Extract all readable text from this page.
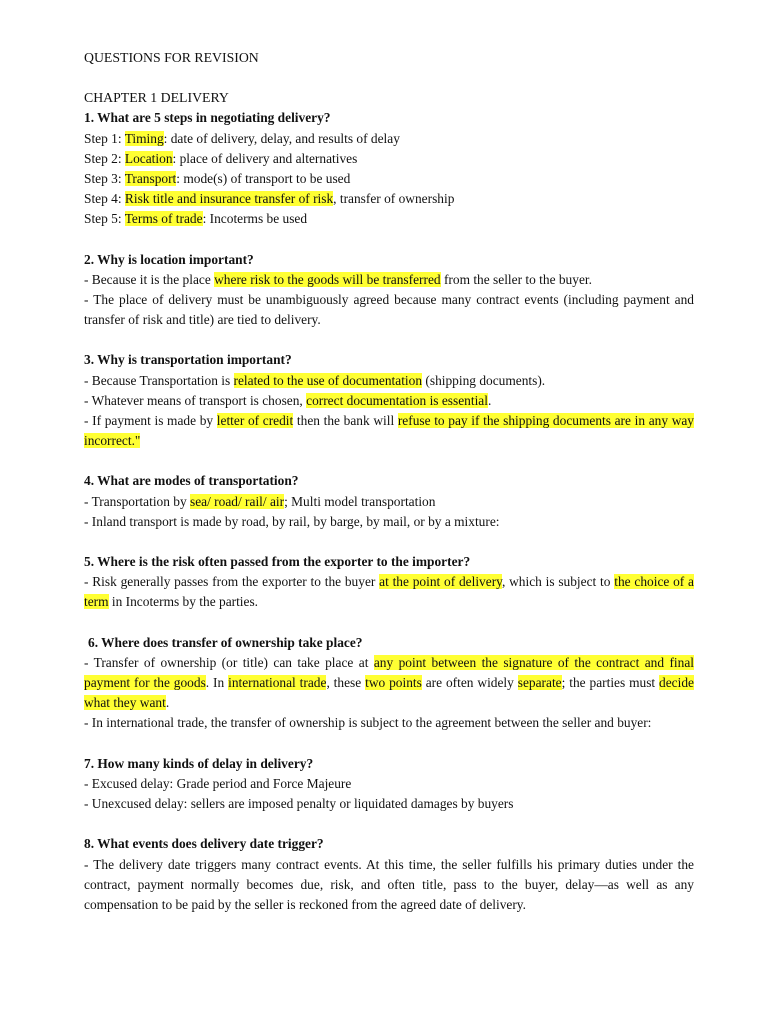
QUESTIONS FOR REVISION
CHAPTER 1 DELIVERY
1. What are 5 steps in negotiating delivery?
Step 1: Timing: date of delivery, delay, and results of delay
Step 2: Location: place of delivery and alternatives
Step 3: Transport: mode(s) of transport to be used
Step 4: Risk title and insurance transfer of risk, transfer of ownership
Step 5: Terms of trade: Incoterms be used
2. Why is location important?
- Because it is the place where risk to the goods will be transferred from the seller to the buyer.
- The place of delivery must be unambiguously agreed because many contract events (including payment and transfer of risk and title) are tied to delivery.
3. Why is transportation important?
- Because Transportation is related to the use of documentation (shipping documents).
- Whatever means of transport is chosen, correct documentation is essential.
- If payment is made by letter of credit then the bank will refuse to pay if the shipping documents are in any way incorrect."
4. What are modes of transportation?
- Transportation by sea/ road/ rail/ air; Multi model transportation
- Inland transport is made by road, by rail, by barge, by mail, or by a mixture:
5. Where is the risk often passed from the exporter to the importer?
- Risk generally passes from the exporter to the buyer at the point of delivery, which is subject to the choice of a term in Incoterms by the parties.
6. Where does transfer of ownership take place?
- Transfer of ownership (or title) can take place at any point between the signature of the contract and final payment for the goods. In international trade, these two points are often widely separate; the parties must decide what they want.
- In international trade, the transfer of ownership is subject to the agreement between the seller and buyer:
7. How many kinds of delay in delivery?
- Excused delay: Grade period and Force Majeure
- Unexcused delay: sellers are imposed penalty or liquidated damages by buyers
8. What events does delivery date trigger?
- The delivery date triggers many contract events. At this time, the seller fulfills his primary duties under the contract, payment normally becomes due, risk, and often title, pass to the buyer, delay—as well as any compensation to be paid by the seller is reckoned from the agreed date of delivery.
